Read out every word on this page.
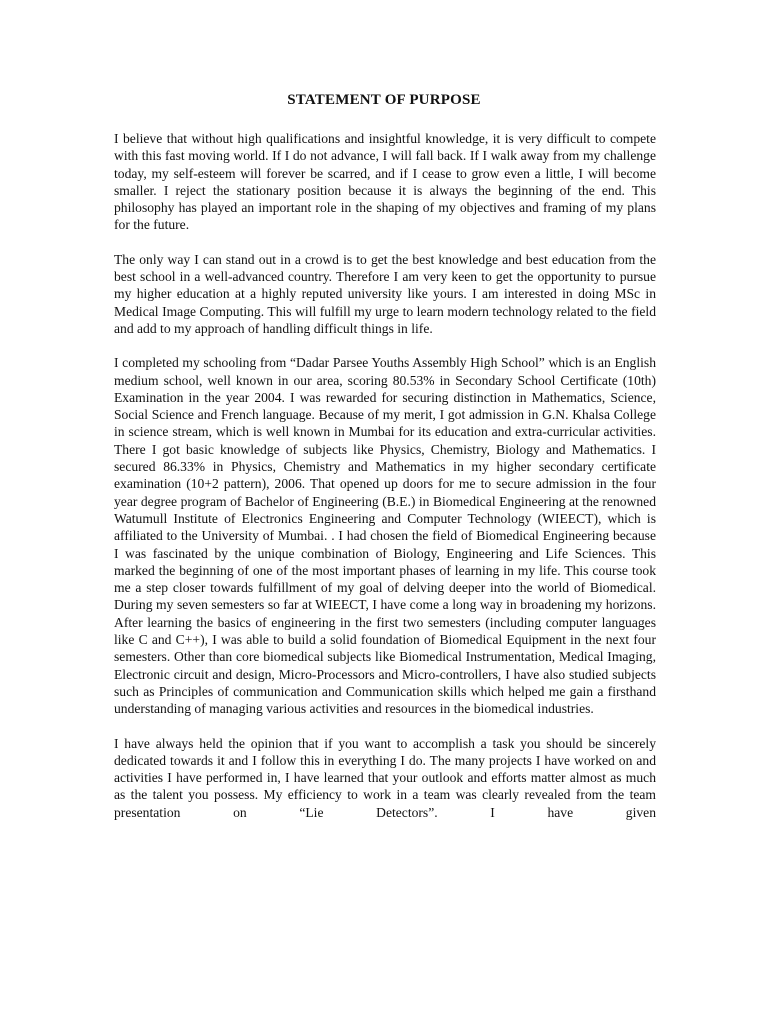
STATEMENT OF PURPOSE

I believe that without high qualifications and insightful knowledge, it is very difficult to compete with this fast moving world. If I do not advance, I will fall back. If I walk away from my challenge today, my self-esteem will forever be scarred, and if I cease to grow even a little, I will become smaller. I reject the stationary position because it is always the beginning of the end. This philosophy has played an important role in the shaping of my objectives and framing of my plans for the future.

The only way I can stand out in a crowd is to get the best knowledge and best education from the best school in a well-advanced country. Therefore I am very keen to get the opportunity to pursue my higher education at a highly reputed university like yours. I am interested in doing MSc in Medical Image Computing. This will fulfill my urge to learn modern technology related to the field and add to my approach of handling difficult things in life.

I completed my schooling from “Dadar Parsee Youths Assembly High School” which is an English medium school, well known in our area, scoring 80.53% in Secondary School Certificate (10th) Examination in the year 2004. I was rewarded for securing distinction in Mathematics, Science, Social Science and French language. Because of my merit, I got admission in G.N. Khalsa College in science stream, which is well known in Mumbai for its education and extra-curricular activities. There I got basic knowledge of subjects like Physics, Chemistry, Biology and Mathematics. I secured 86.33% in Physics, Chemistry and Mathematics in my higher secondary certificate examination (10+2 pattern), 2006. That opened up doors for me to secure admission in the four year degree program of Bachelor of Engineering (B.E.) in Biomedical Engineering at the renowned Watumull Institute of Electronics Engineering and Computer Technology (WIEECT), which is affiliated to the University of Mumbai. . I had chosen the field of Biomedical Engineering because I was fascinated by the unique combination of Biology, Engineering and Life Sciences. This marked the beginning of one of the most important phases of learning in my life. This course took me a step closer towards fulfillment of my goal of delving deeper into the world of Biomedical. During my seven semesters so far at WIEECT, I have come a long way in broadening my horizons. After learning the basics of engineering in the first two semesters (including computer languages like C and C++), I was able to build a solid foundation of Biomedical Equipment in the next four semesters. Other than core biomedical subjects like Biomedical Instrumentation, Medical Imaging, Electronic circuit and design, Micro-Processors and Micro-controllers, I have also studied subjects such as Principles of communication and Communication skills which helped me gain a firsthand understanding of managing various activities and resources in the biomedical industries.

I have always held the opinion that if you want to accomplish a task you should be sincerely dedicated towards it and I follow this in everything I do. The many projects I have worked on and activities I have performed in, I have learned that your outlook and efforts matter almost as much as the talent you possess. My efficiency to work in a team was clearly revealed from the team presentation on “Lie Detectors”. I have given
